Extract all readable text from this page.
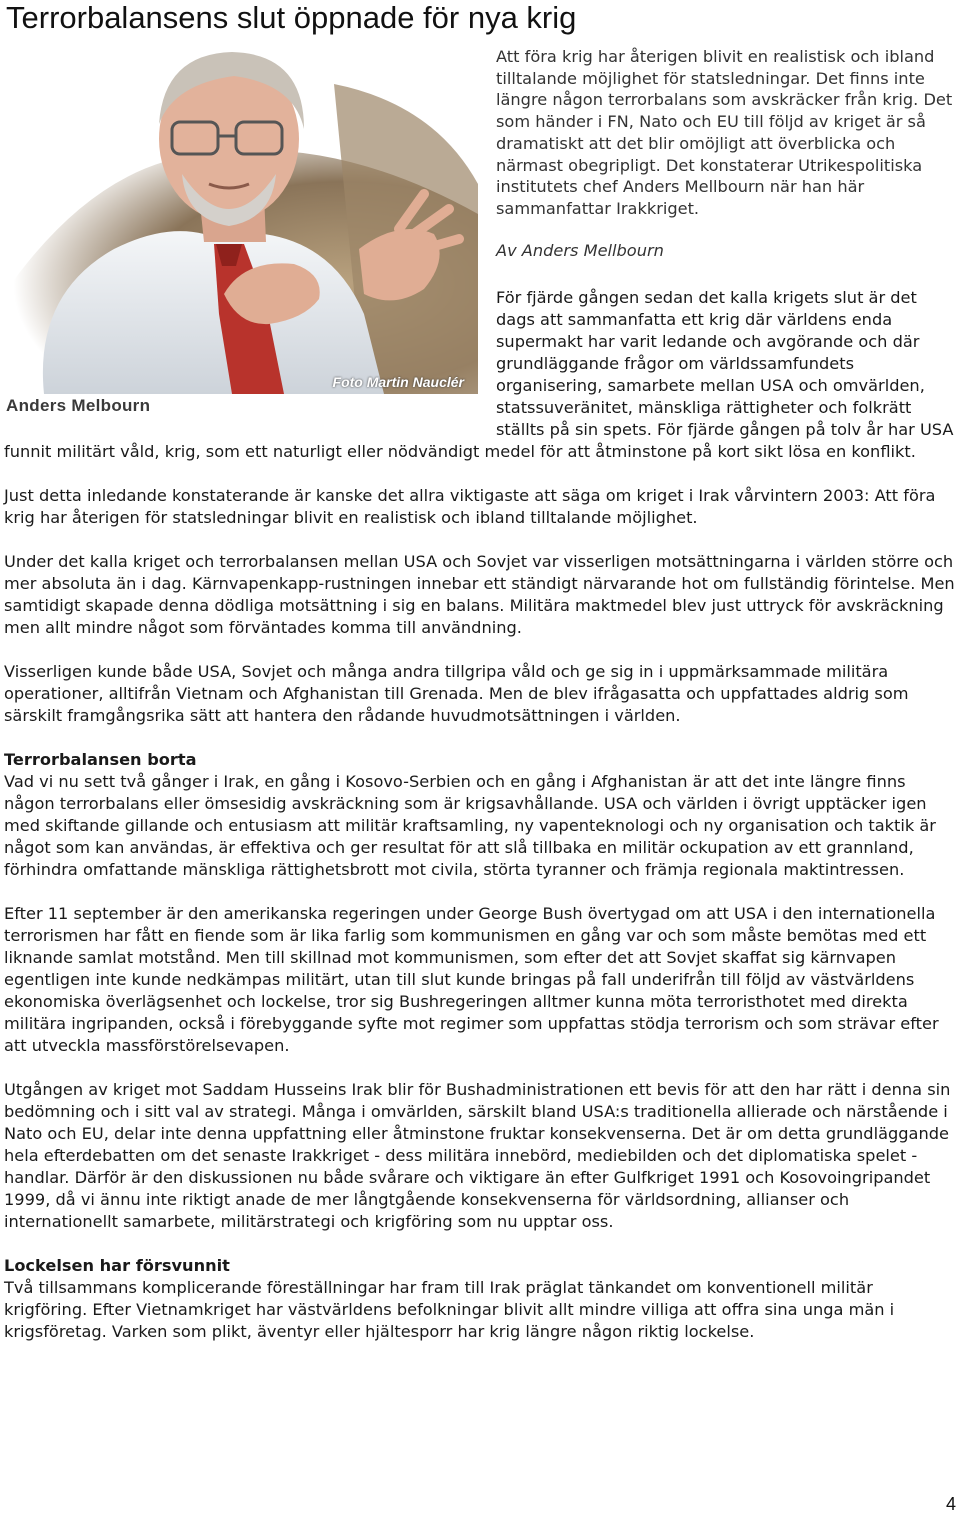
Terrorbalansens slut öppnade för nya krig
Foto Martin Nauclér
Anders Melbourn

Att föra krig har återigen blivit en realistisk och ibland tilltalande möjlighet för statsledningar. Det finns inte längre någon terrorbalans som avskräcker från krig. Det som händer i FN, Nato och EU till följd av kriget är så dramatiskt att det blir omöjligt att överblicka och närmast obegripligt. Det konstaterar Utrikespolitiska institutets chef Anders Mellbourn när han här sammanfattar Irakkriget.

Av Anders Mellbourn

För fjärde gången sedan det kalla krigets slut är det dags att sammanfatta ett krig där världens enda supermakt har varit ledande och avgörande och där grundläggande frågor om världssamfundets organisering, samarbete mellan USA och omvärlden, statssuveränitet, mänskliga rättigheter och folkrätt ställts på sin spets. För fjärde gången på tolv år har USA funnit militärt våld, krig, som ett naturligt eller nödvändigt medel för att åtminstone på kort sikt lösa en konflikt.

Just detta inledande konstaterande är kanske det allra viktigaste att säga om kriget i Irak vårvintern 2003: Att föra krig har återigen för statsledningar blivit en realistisk och ibland tilltalande möjlighet.

Under det kalla kriget och terrorbalansen mellan USA och Sovjet var visserligen motsättningarna i världen större och mer absoluta än i dag. Kärnvapenkapp-rustningen innebar ett ständigt närvarande hot om fullständig förintelse. Men samtidigt skapade denna dödliga motsättning i sig en balans. Militära maktmedel blev just uttryck för avskräckning men allt mindre något som förväntades komma till användning.

Visserligen kunde både USA, Sovjet och många andra tillgripa våld och ge sig in i uppmärksammade militära operationer, alltifrån Vietnam och Afghanistan till Grenada. Men de blev ifrågasatta och uppfattades aldrig som särskilt framgångsrika sätt att hantera den rådande huvudmotsättningen i världen.

Terrorbalansen borta

Vad vi nu sett två gånger i Irak, en gång i Kosovo-Serbien och en gång i Afghanistan är att det inte längre finns någon terrorbalans eller ömsesidig avskräckning som är krigsavhållande. USA och världen i övrigt upptäcker igen med skiftande gillande och entusiasm att militär kraftsamling, ny vapenteknologi och ny organisation och taktik är något som kan användas, är effektiva och ger resultat för att slå tillbaka en militär ockupation av ett grannland, förhindra omfattande mänskliga rättighetsbrott mot civila, störta tyranner och främja regionala maktintressen.

Efter 11 september är den amerikanska regeringen under George Bush övertygad om att USA i den internationella terrorismen har fått en fiende som är lika farlig som kommunismen en gång var och som måste bemötas med ett liknande samlat motstånd. Men till skillnad mot kommunismen, som efter det att Sovjet skaffat sig kärnvapen egentligen inte kunde nedkämpas militärt, utan till slut kunde bringas på fall underifrån till följd av västvärldens ekonomiska överlägsenhet och lockelse, tror sig Bushregeringen alltmer kunna möta terroristhotet med direkta militära ingripanden, också i förebyggande syfte mot regimer som uppfattas stödja terrorism och som strävar efter att utveckla massförstörelsevapen.

Utgången av kriget mot Saddam Husseins Irak blir för Bushadministrationen ett bevis för att den har rätt i denna sin bedömning och i sitt val av strategi. Många i omvärlden, särskilt bland USA:s traditionella allierade och närstående i Nato och EU, delar inte denna uppfattning eller åtminstone fruktar konsekvenserna. Det är om detta grundläggande hela efterdebatten om det senaste Irakkriget - dess militära innebörd, mediebilden och det diplomatiska spelet - handlar. Därför är den diskussionen nu både svårare och viktigare än efter Gulfkriget 1991 och Kosovoingripandet 1999, då vi ännu inte riktigt anade de mer långtgående konsekvenserna för världsordning, allianser och internationellt samarbete, militärstrategi och krigföring som nu upptar oss.

Lockelsen har försvunnit

Två tillsammans komplicerande föreställningar har fram till Irak präglat tänkandet om konventionell militär krigföring. Efter Vietnamkriget har västvärldens befolkningar blivit allt mindre villiga att offra sina unga män i krigsföretag. Varken som plikt, äventyr eller hjältesporr har krig längre någon riktig lockelse.

4
